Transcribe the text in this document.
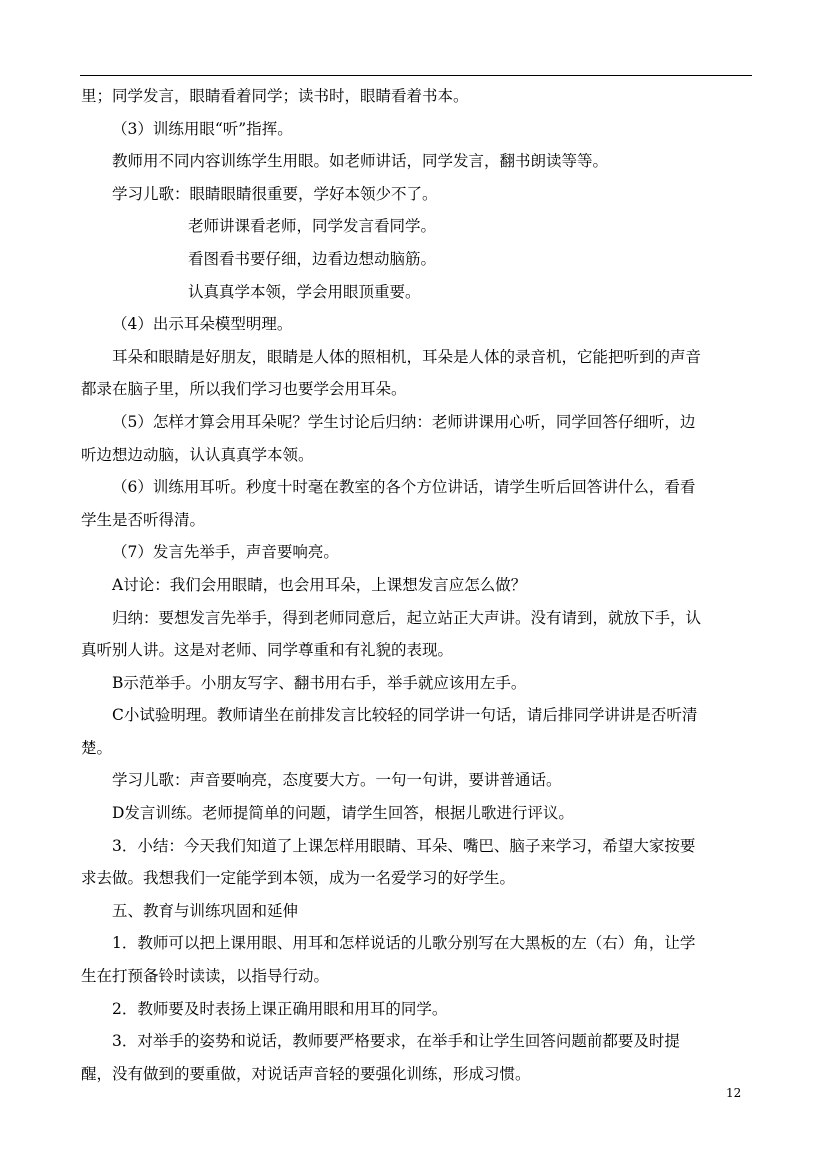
里；同学发言，眼睛看着同学；读书时，眼睛看着书本。

（3）训练用眼“听”指挥。

教师用不同内容训练学生用眼。如老师讲话，同学发言，翻书朗读等等。

学习儿歌：眼睛眼睛很重要，学好本领少不了。

老师讲课看老师，同学发言看同学。

看图看书要仔细，边看边想动脑筋。

认真真学本领，学会用眼顶重要。

（4）出示耳朵模型明理。

耳朵和眼睛是好朋友，眼睛是人体的照相机，耳朵是人体的录音机，它能把听到的声音

都录在脑子里，所以我们学习也要学会用耳朵。

（5）怎样才算会用耳朵呢？学生讨论后归纳：老师讲课用心听，同学回答仔细听，边

听边想边动脑，认认真真学本领。

（6）训练用耳听。秒度十时毫在教室的各个方位讲话，请学生听后回答讲什么，看看

学生是否听得清。

（7）发言先举手，声音要响亮。

A讨论：我们会用眼睛，也会用耳朵，上课想发言应怎么做？

归纳：要想发言先举手，得到老师同意后，起立站正大声讲。没有请到，就放下手，认

真听别人讲。这是对老师、同学尊重和有礼貌的表现。

B示范举手。小朋友写字、翻书用右手，举手就应该用左手。

C小试验明理。教师请坐在前排发言比较轻的同学讲一句话，请后排同学讲讲是否听清

楚。

学习儿歌：声音要响亮，态度要大方。一句一句讲，要讲普通话。

D发言训练。老师提简单的问题，请学生回答，根据儿歌进行评议。

3．小结：今天我们知道了上课怎样用眼睛、耳朵、嘴巴、脑子来学习，希望大家按要

求去做。我想我们一定能学到本领，成为一名爱学习的好学生。

五、教育与训练巩固和延伸

1．教师可以把上课用眼、用耳和怎样说话的儿歌分别写在大黑板的左（右）角，让学

生在打预备铃时读读，以指导行动。

2．教师要及时表扬上课正确用眼和用耳的同学。

3．对举手的姿势和说话，教师要严格要求，在举手和让学生回答问题前都要及时提

醒，没有做到的要重做，对说话声音轻的要强化训练，形成习惯。

12
